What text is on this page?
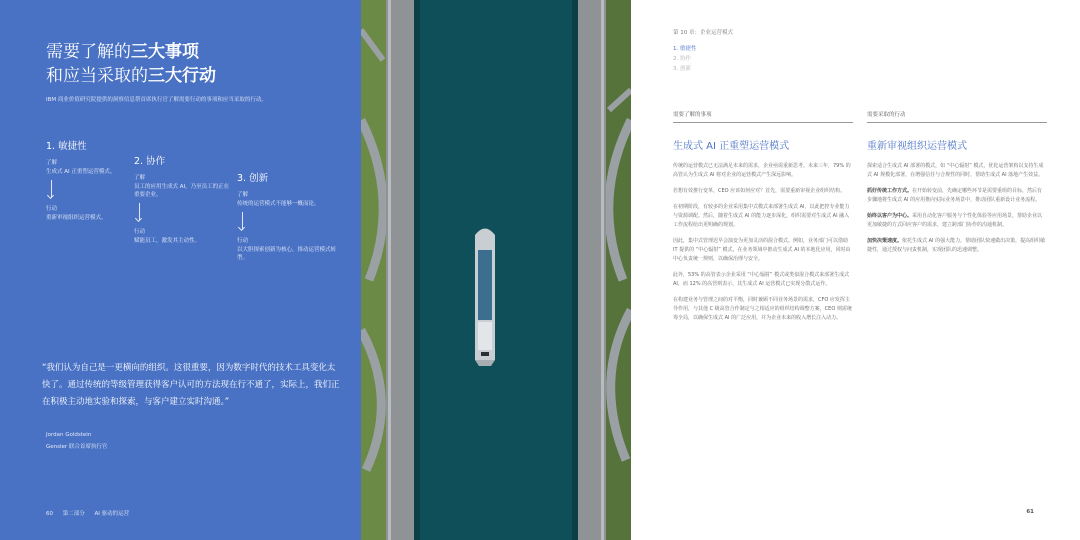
需要了解的三大事项
和应当采取的三大行动
IBM 商业价值研究院提供的洞察信息帮首席执行官了解需要行动的事项和应当采取的行动。
1. 敏捷性
了解
生成式 AI 正重塑运营模式。
行动
重新审视组织运营模式。
2. 协作
了解
员工的应用生成式 AI，乃至员工的正在重要企业。
行动
赋能员工，激发其主动性。
3. 创新
了解
传统的运营模式不能够一概而论。
行动
以大胆探索创新为核心，推动运营模式转型。
“我们认为自己是一更横向的组织。这很重要，因为数字时代的技术工具变化太快了。通过传统的等级管理获得客户认可的方法现在行不通了，实际上，我们正在积极主动地实验和探索，与客户建立实时沟通。”
Jordan Goldstein
Gensler 联合首席执行官
60 第二部分 AI 驱动的运营
第 10 章：企业运营模式
1. 敏捷性
2. 协作
3. 创新
需要了解的事项
生成式 AI 正重塑运营模式

传统的运营模式已无法满足未来的需求，企业亟需重新思考。未来三年，79% 的高管认为生成式 AI 将对企业的运营模式产生深远影响。

若想有效推行变革，CEO 应该如何应对？首先，需要重新审视企业组织结构。

在初期阶段，有较多的企业采用集中式模式来部署生成式 AI，以此把控专业能力与资源调配。然后，随着生成式 AI 的能力逐步深化，组织需要对生成式 AI 融入工作流程给出更明确的规划。

因此，集中式管理迟早会演变为更加灵活的混合模式。例如，业务部门可以借助 IT 提供的 “中心辐射” 模式，在业务领域中推动生成式 AI 的本地化应用，同时由中心负责统一规则，以确保治理与安全。

此外，53% 的高管表示企业采用 “中心辐射” 模式或类似混合模式来部署生成式 AI，而 12% 的高管则表示，其生成式 AI 运营模式已实现分散式运作。

在构建业务与管理之间的对平衡，同时兼顾不同业务场景的需求，CFO 应发挥主导作用，与其他 C 级高管合作制定与之相适应的组织结构调整方案，CEO 则需统筹全局，以确保生成式 AI 的广泛应用，并为企业未来的收入增长注入动力。

需要采取的行动
重新审视组织运营模式

探索适合生成式 AI 部署的模式，如 “中心辐射” 模式，优化运营架构以支持生成式 AI 规模化部署，在增强信任与合规性的同时，帮助生成式 AI 落地产生效益。

抓好传统工作方式。在开始转变前，先确定哪些环节是需要重组的目标，然后有步骤地将生成式 AI 的应用推向实际业务场景中，推动团队重新设计业务流程。

始终以客户为中心。采用自动化客户服务与个性化体验等应用场景，帮助企业以更加敏捷的方式回应客户的需求，建立跨部门协作的沟通机制。

加快决策速度。依托生成式 AI 的强大能力，帮助团队快速做出决策，提高组织敏捷性，通过授权与问责机制，实现团队的迅速调整。

61
